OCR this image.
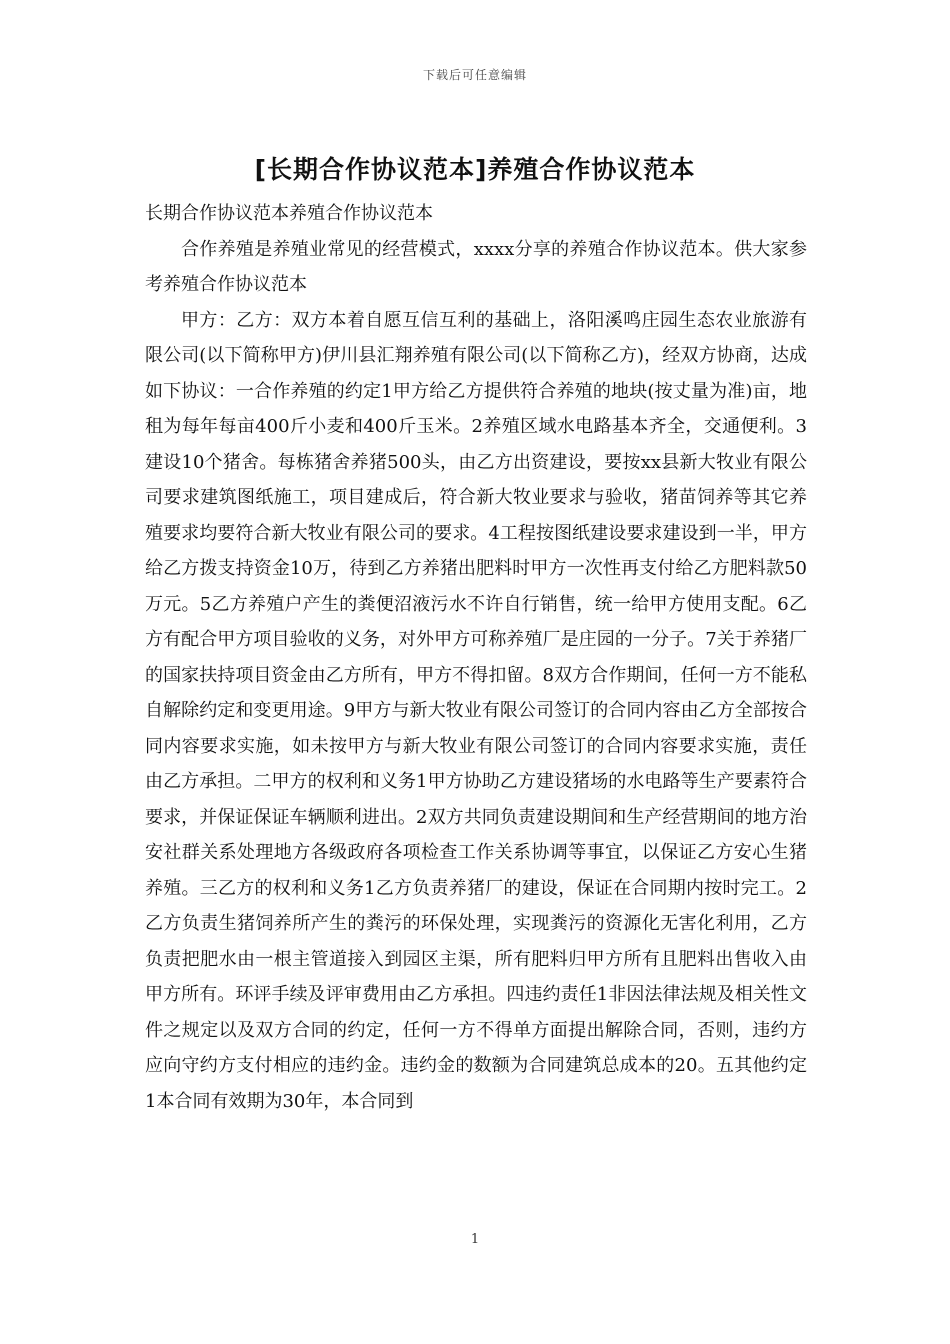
下载后可任意编辑
[长期合作协议范本]养殖合作协议范本

长期合作协议范本养殖合作协议范本

合作养殖是养殖业常见的经营模式，xxxx分享的养殖合作协议范本。供大家参考养殖合作协议范本

甲方：乙方：双方本着自愿互信互利的基础上，洛阳溪鸣庄园生态农业旅游有限公司(以下简称甲方)伊川县汇翔养殖有限公司(以下简称乙方)，经双方协商，达成如下协议：一合作养殖的约定1甲方给乙方提供符合养殖的地块(按丈量为准)亩，地租为每年每亩400斤小麦和400斤玉米。2养殖区域水电路基本齐全，交通便利。3建设10个猪舍。每栋猪舍养猪500头，由乙方出资建设，要按xx县新大牧业有限公司要求建筑图纸施工，项目建成后，符合新大牧业要求与验收，猪苗饲养等其它养殖要求均要符合新大牧业有限公司的要求。4工程按图纸建设要求建设到一半，甲方给乙方拨支持资金10万，待到乙方养猪出肥料时甲方一次性再支付给乙方肥料款50万元。5乙方养殖户产生的粪便沼液污水不许自行销售，统一给甲方使用支配。6乙方有配合甲方项目验收的义务，对外甲方可称养殖厂是庄园的一分子。7关于养猪厂的国家扶持项目资金由乙方所有，甲方不得扣留。8双方合作期间，任何一方不能私自解除约定和变更用途。9甲方与新大牧业有限公司签订的合同内容由乙方全部按合同内容要求实施，如未按甲方与新大牧业有限公司签订的合同内容要求实施，责任由乙方承担。二甲方的权利和义务1甲方协助乙方建设猪场的水电路等生产要素符合要求，并保证保证车辆顺利进出。2双方共同负责建设期间和生产经营期间的地方治安社群关系处理地方各级政府各项检查工作关系协调等事宜，以保证乙方安心生猪养殖。三乙方的权利和义务1乙方负责养猪厂的建设，保证在合同期内按时完工。2乙方负责生猪饲养所产生的粪污的环保处理，实现粪污的资源化无害化利用，乙方负责把肥水由一根主管道接入到园区主渠，所有肥料归甲方所有且肥料出售收入由甲方所有。环评手续及评审费用由乙方承担。四违约责任1非因法律法规及相关性文件之规定以及双方合同的约定，任何一方不得单方面提出解除合同，否则，违约方应向守约方支付相应的违约金。违约金的数额为合同建筑总成本的20。五其他约定1本合同有效期为30年，本合同到

1
